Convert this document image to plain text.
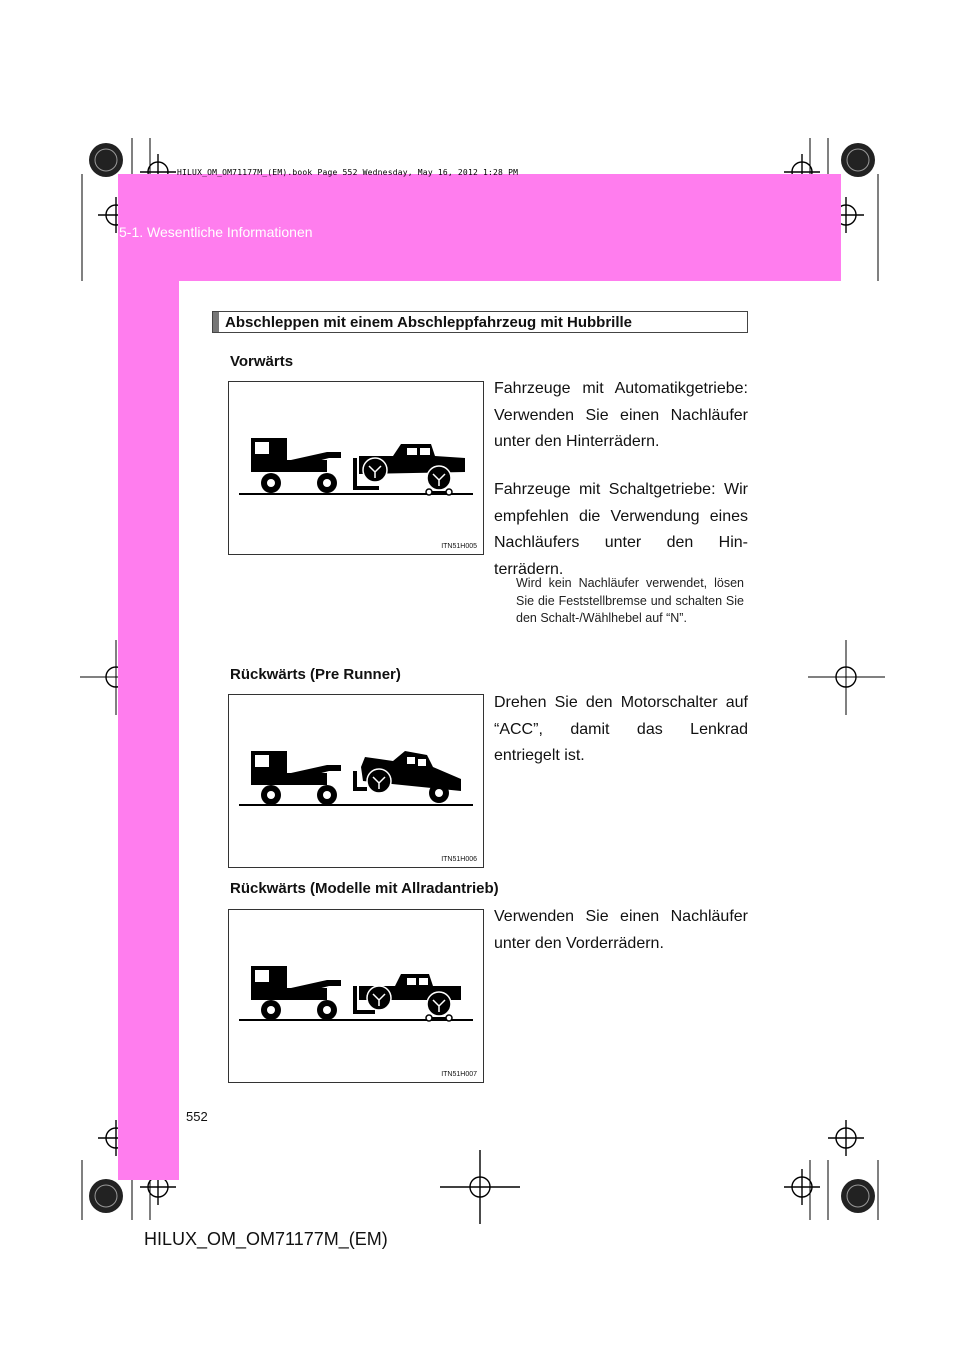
HILUX_OM_OM71177M_(EM).book Page 552 Wednesday, May 16, 2012 1:28 PM
5-1. Wesentliche Informationen
Abschleppen mit einem Abschleppfahrzeug mit Hubbrille
Vorwärts
ITN51H005
Fahrzeuge mit Automatikgetriebe: Verwenden Sie einen Nachläufer unter den Hinterrädern.
Fahrzeuge mit Schaltgetriebe: Wir empfehlen die Verwendung eines Nachläufers unter den Hinterrädern.
Wird kein Nachläufer verwendet, lösen Sie die Feststellbremse und schalten Sie den Schalt-/Wählhebel auf “N”.
Rückwärts (Pre Runner)
ITN51H006
Drehen Sie den Motorschalter auf “ACC”, damit das Lenkrad entriegelt ist.
Rückwärts (Modelle mit Allradantrieb)
ITN51H007
Verwenden Sie einen Nachläufer unter den Vorderrädern.
552
HILUX_OM_OM71177M_(EM)
